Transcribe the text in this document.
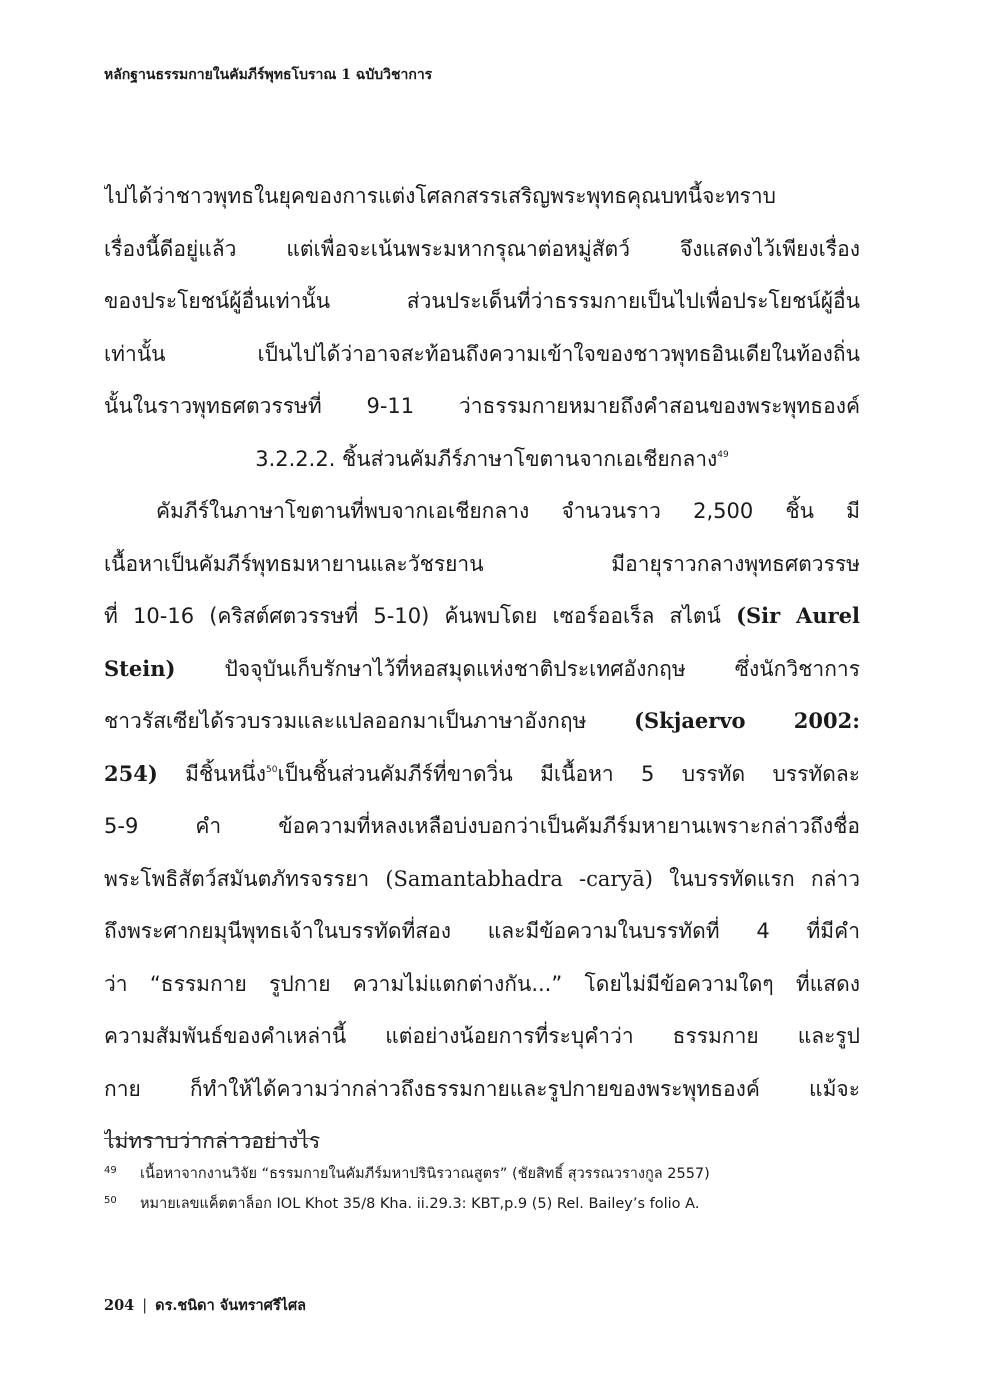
หลักฐานธรรมกายในคัมภีร์พุทธโบราณ 1 ฉบับวิชาการ
ไปได้ว่าชาวพุทธในยุคของการแต่งโศลกสรรเสริญพระพุทธคุณบทนี้จะทราบ
เรื่องนี้ดีอยู่แล้ว แต่เพื่อจะเน้นพระมหากรุณาต่อหมู่สัตว์ จึงแสดงไว้เพียงเรื่อง
ของประโยชน์ผู้อื่นเท่านั้น ส่วนประเด็นที่ว่าธรรมกายเป็นไปเพื่อประโยชน์ผู้อื่น
เท่านั้น เป็นไปได้ว่าอาจสะท้อนถึงความเข้าใจของชาวพุทธอินเดียในท้องถิ่น
นั้นในราวพุทธศตวรรษที่ 9-11 ว่าธรรมกายหมายถึงคำสอนของพระพุทธองค์
3.2.2.2. ชิ้นส่วนคัมภีร์ภาษาโขตานจากเอเชียกลาง$^{49}$
คัมภีร์ในภาษาโขตานที่พบจากเอเชียกลาง จำนวนราว 2,500 ชิ้น มี
เนื้อหาเป็นคัมภีร์พุทธมหายานและวัชรยาน มีอายุราวกลางพุทธศตวรรษ
ที่ 10-16 (คริสต์ศตวรรษที่ 5-10) ค้นพบโดย เซอร์ออเร็ล สไตน์ (Sir Aurel
Stein) ปัจจุบันเก็บรักษาไว้ที่หอสมุดแห่งชาติประเทศอังกฤษ ซึ่งนักวิชาการ
ชาวรัสเซียได้รวบรวมและแปลออกมาเป็นภาษาอังกฤษ (Skjaervo 2002:
254) มีชิ้นหนึ่ง$^{50}$เป็นชิ้นส่วนคัมภีร์ที่ขาดวิ่น มีเนื้อหา 5 บรรทัด บรรทัดละ
5-9 คำ ข้อความที่หลงเหลือบ่งบอกว่าเป็นคัมภีร์มหายานเพราะกล่าวถึงชื่อ
พระโพธิสัตว์สมันตภัทรจรรยา (Samantabhadra -caryā) ในบรรทัดแรก กล่าว
ถึงพระศากยมุนีพุทธเจ้าในบรรทัดที่สอง และมีข้อความในบรรทัดที่ 4 ที่มีคำ
ว่า “ธรรมกาย รูปกาย ความไม่แตกต่างกัน...” โดยไม่มีข้อความใดๆ ที่แสดง
ความสัมพันธ์ของคำเหล่านี้ แต่อย่างน้อยการที่ระบุคำว่า ธรรมกาย และรูป
กาย ก็ทำให้ได้ความว่ากล่าวถึงธรรมกายและรูปกายของพระพุทธองค์ แม้จะ
ไม่ทราบว่ากล่าวอย่างไร
49 เนื้อหาจากงานวิจัย “ธรรมกายในคัมภีร์มหาปรินิรวาณสูตร” (ชัยสิทธิ์ สุวรรณวรางกูล 2557)
50 หมายเลขแค็ตตาล็อก IOL Khot 35/8 Kha. ii.29.3: KBT,p.9 (5) Rel. Bailey’s folio A.
204 | ดร.ชนิดา จันทราศรีไศล
